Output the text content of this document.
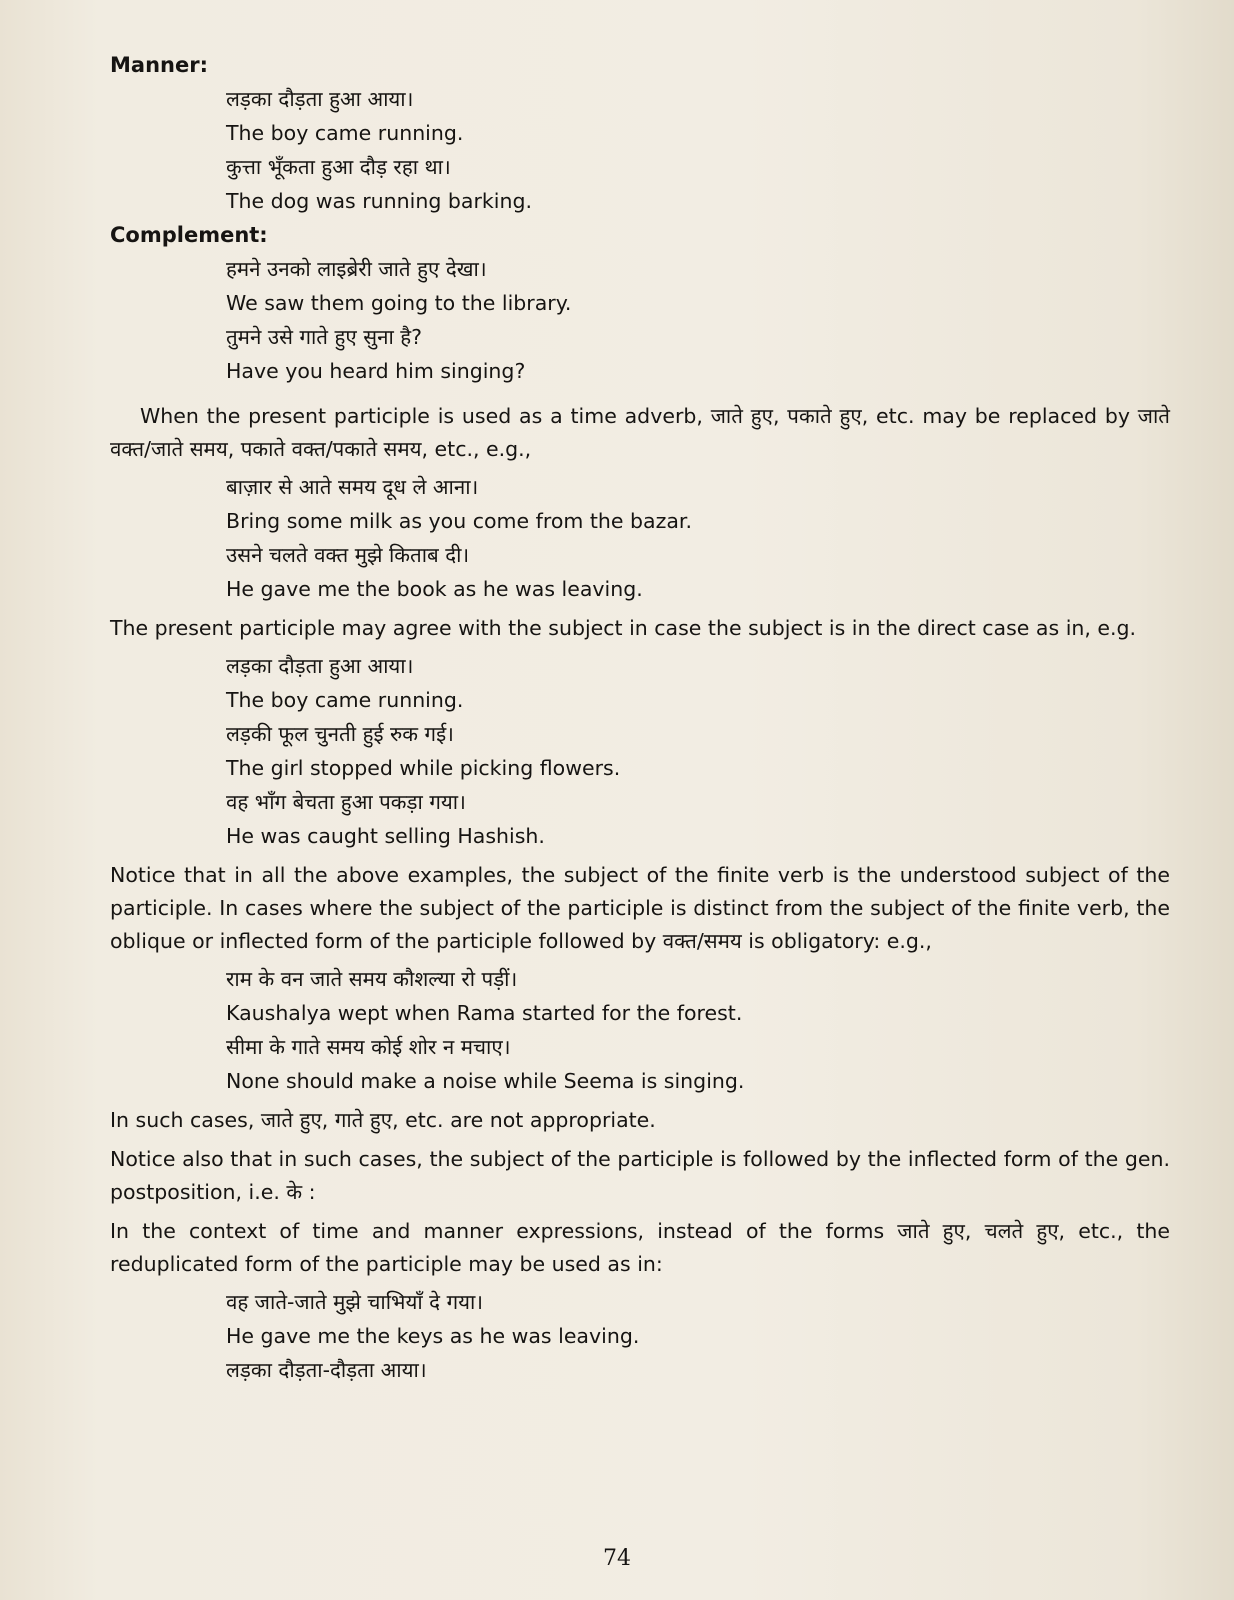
Manner:
लड़का दौड़ता हुआ आया।
The boy came running.
कुत्ता भूँकता हुआ दौड़ रहा था।
The dog was running barking.
Complement:
हमने उनको लाइब्रेरी जाते हुए देखा।
We saw them going to the library.
तुमने उसे गाते हुए सुना है?
Have you heard him singing?
When the present participle is used as a time adverb, जाते हुए, पकाते हुए, etc. may be replaced by जाते वक्त/जाते समय, पकाते वक्त/पकाते समय, etc., e.g.,
बाज़ार से आते समय दूध ले आना।
Bring some milk as you come from the bazar.
उसने चलते वक्त मुझे किताब दी।
He gave me the book as he was leaving.
The present participle may agree with the subject in case the subject is in the direct case as in, e.g.
लड़का दौड़ता हुआ आया।
The boy came running.
लड़की फूल चुनती हुई रुक गई।
The girl stopped while picking flowers.
वह भाँग बेचता हुआ पकड़ा गया।
He was caught selling Hashish.
Notice that in all the above examples, the subject of the finite verb is the understood subject of the participle. In cases where the subject of the participle is distinct from the subject of the finite verb, the oblique or inflected form of the participle followed by वक्त/समय is obligatory: e.g.,
राम के वन जाते समय कौशल्या रो पड़ीं।
Kaushalya wept when Rama started for the forest.
सीमा के गाते समय कोई शोर न मचाए।
None should make a noise while Seema is singing.
In such cases, जाते हुए, गाते हुए, etc. are not appropriate.
Notice also that in such cases, the subject of the participle is followed by the inflected form of the gen. postposition, i.e. के :
In the context of time and manner expressions, instead of the forms जाते हुए, चलते हुए, etc., the reduplicated form of the participle may be used as in:
वह जाते-जाते मुझे चाभियाँ दे गया।
He gave me the keys as he was leaving.
लड़का दौड़ता-दौड़ता आया।
74
